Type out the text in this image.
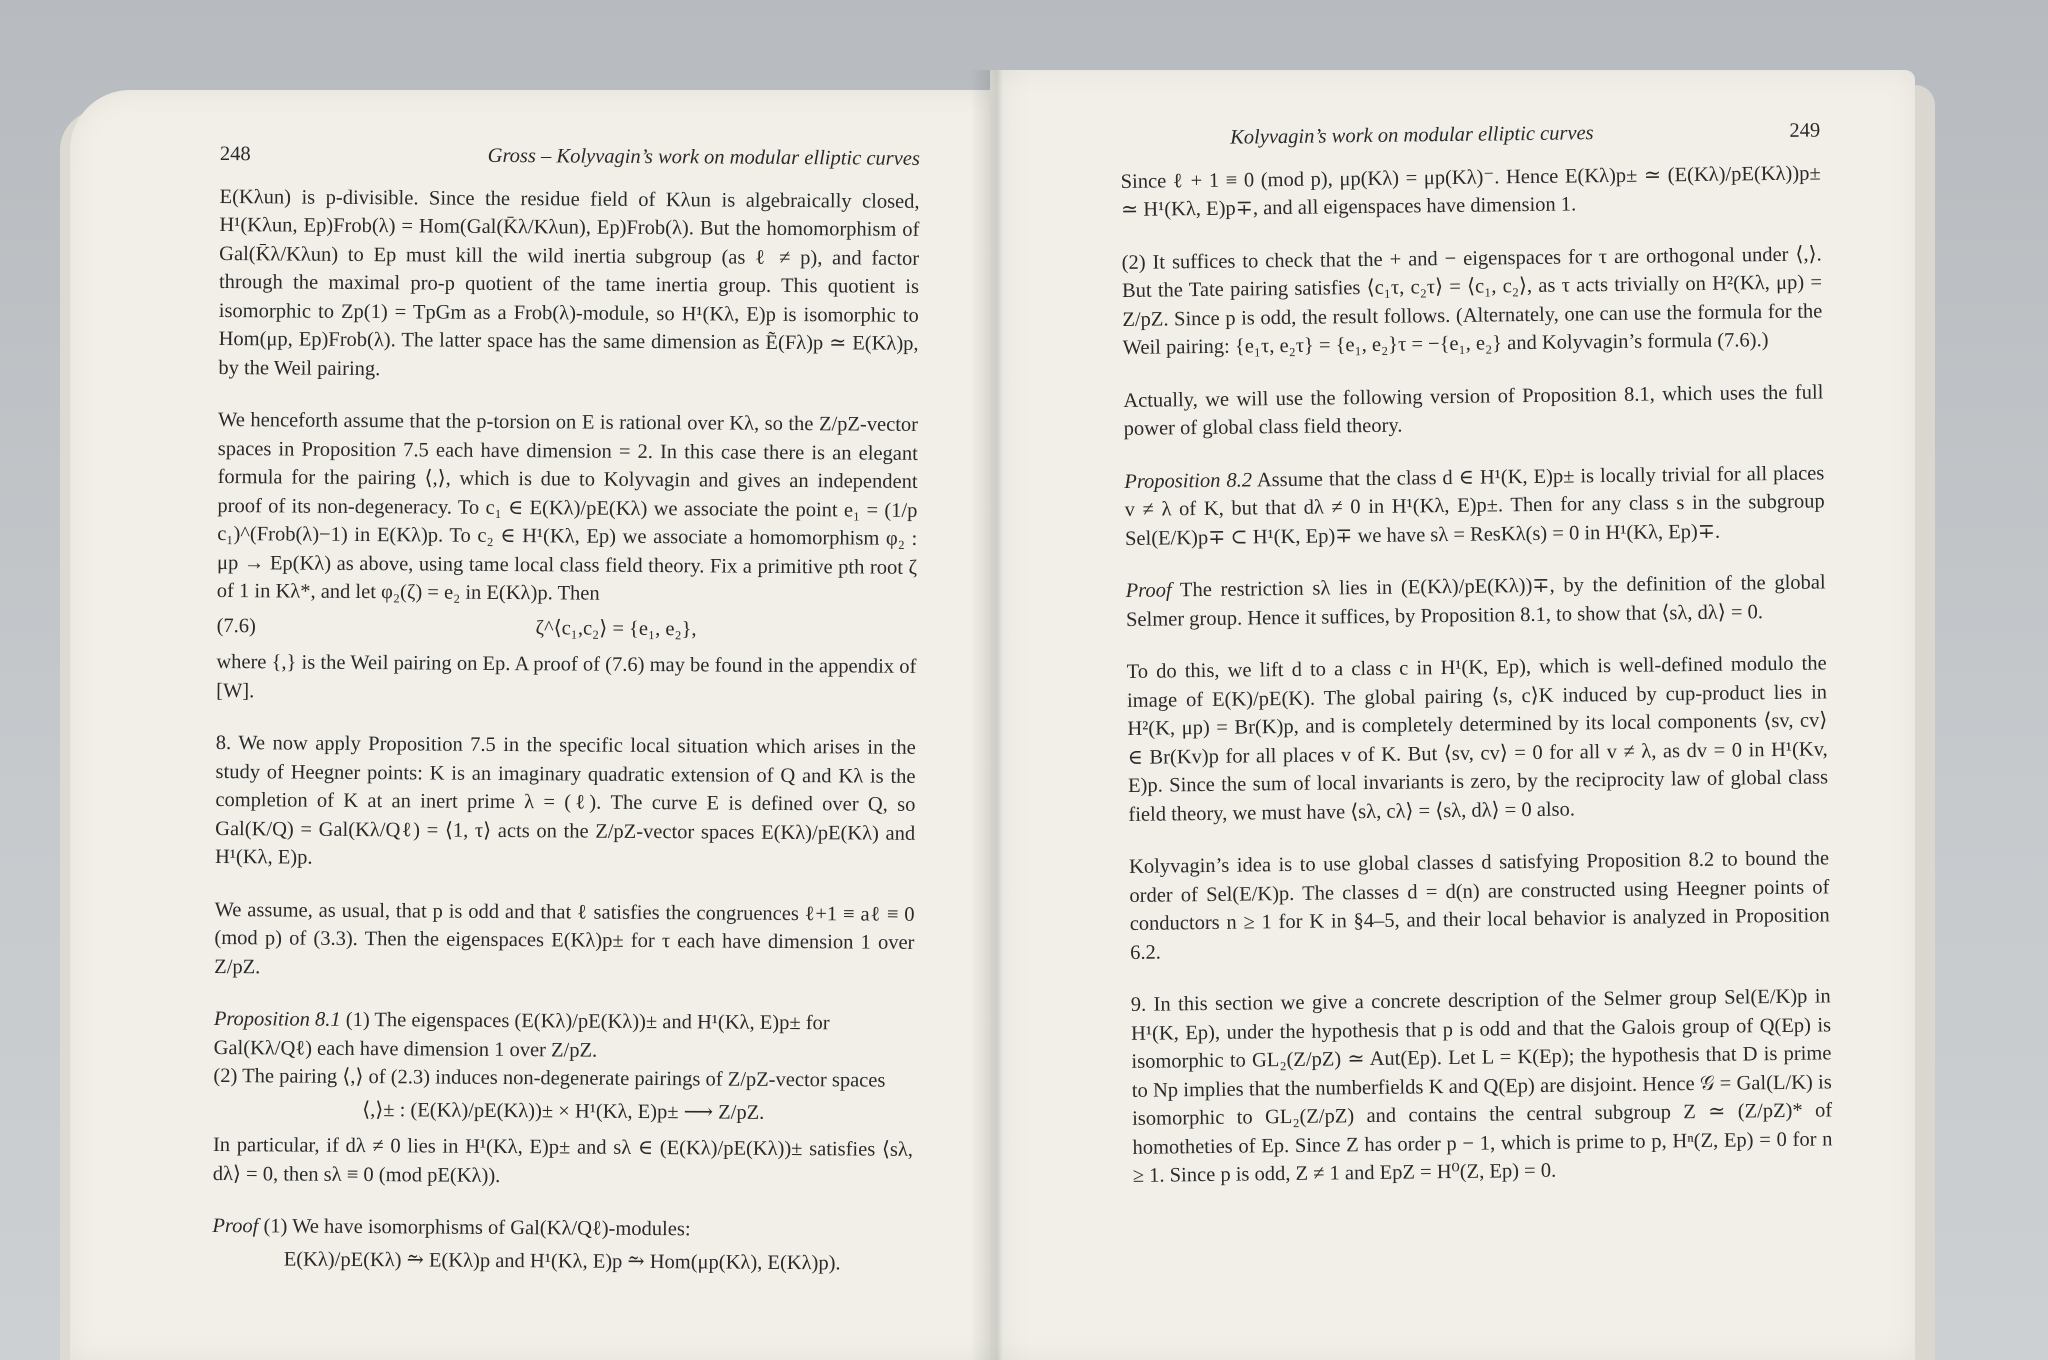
248	Gross – Kolyvagin’s work on modular elliptic curves

E(Kλun) is p-divisible. Since the residue field of Kλun is algebraically closed, H¹(Kλun, Ep)Frob(λ) = Hom(Gal(K̄λ/Kλun), Ep)Frob(λ). But the homomorphism of Gal(K̄λ/Kλun) to Ep must kill the wild inertia subgroup (as ℓ ≠ p), and factor through the maximal pro-p quotient of the tame inertia group. This quotient is isomorphic to Zp(1) = TpGm as a Frob(λ)-module, so H¹(Kλ, E)p is isomorphic to Hom(μp, Ep)Frob(λ). The latter space has the same dimension as Ẽ(Fλ)p ≃ E(Kλ)p, by the Weil pairing.

We henceforth assume that the p-torsion on E is rational over Kλ, so the Z/pZ-vector spaces in Proposition 7.5 each have dimension = 2. In this case there is an elegant formula for the pairing ⟨,⟩, which is due to Kolyvagin and gives an independent proof of its non-degeneracy. To c₁ ∈ E(Kλ)/pE(Kλ) we associate the point e₁ = (1/p c₁)^(Frob(λ)−1) in E(Kλ)p. To c₂ ∈ H¹(Kλ, Ep) we associate a homomorphism φ₂ : μp → Ep(Kλ) as above, using tame local class field theory. Fix a primitive pth root ζ of 1 in Kλ*, and let φ₂(ζ) = e₂ in E(Kλ)p. Then

(7.6)	ζ^⟨c₁,c₂⟩ = {e₁, e₂},

where {,} is the Weil pairing on Ep. A proof of (7.6) may be found in the appendix of [W].

8. We now apply Proposition 7.5 in the specific local situation which arises in the study of Heegner points: K is an imaginary quadratic extension of Q and Kλ is the completion of K at an inert prime λ = (ℓ). The curve E is defined over Q, so Gal(K/Q) = Gal(Kλ/Qℓ) = ⟨1, τ⟩ acts on the Z/pZ-vector spaces E(Kλ)/pE(Kλ) and H¹(Kλ, E)p.

We assume, as usual, that p is odd and that ℓ satisfies the congruences ℓ+1 ≡ aℓ ≡ 0 (mod p) of (3.3). Then the eigenspaces E(Kλ)p± for τ each have dimension 1 over Z/pZ.

Proposition 8.1 (1) The eigenspaces (E(Kλ)/pE(Kλ))± and H¹(Kλ, E)p± for Gal(Kλ/Qℓ) each have dimension 1 over Z/pZ.
(2) The pairing ⟨,⟩ of (2.3) induces non-degenerate pairings of Z/pZ-vector spaces
⟨,⟩± : (E(Kλ)/pE(Kλ))± × H¹(Kλ, E)p± ⟶ Z/pZ.

In particular, if dλ ≠ 0 lies in H¹(Kλ, E)p± and sλ ∈ (E(Kλ)/pE(Kλ))± satisfies ⟨sλ, dλ⟩ = 0, then sλ ≡ 0 (mod pE(Kλ)).

Proof (1) We have isomorphisms of Gal(Kλ/Qℓ)-modules:
E(Kλ)/pE(Kλ) ⥲ E(Kλ)p and H¹(Kλ, E)p ⥲ Hom(μp(Kλ), E(Kλ)p).
Kolyvagin’s work on modular elliptic curves	249

Since ℓ + 1 ≡ 0 (mod p), μp(Kλ) = μp(Kλ)⁻. Hence E(Kλ)p± ≃ (E(Kλ)/pE(Kλ))p± ≃ H¹(Kλ, E)p∓, and all eigenspaces have dimension 1.

(2) It suffices to check that the + and − eigenspaces for τ are orthogonal under ⟨,⟩. But the Tate pairing satisfies ⟨c₁τ, c₂τ⟩ = ⟨c₁, c₂⟩, as τ acts trivially on H²(Kλ, μp) = Z/pZ. Since p is odd, the result follows. (Alternately, one can use the formula for the Weil pairing: {e₁τ, e₂τ} = {e₁, e₂}τ = −{e₁, e₂} and Kolyvagin’s formula (7.6).)

Actually, we will use the following version of Proposition 8.1, which uses the full power of global class field theory.

Proposition 8.2 Assume that the class d ∈ H¹(K, E)p± is locally trivial for all places v ≠ λ of K, but that dλ ≠ 0 in H¹(Kλ, E)p±. Then for any class s in the subgroup Sel(E/K)p∓ ⊂ H¹(K, Ep)∓ we have sλ = ResKλ(s) = 0 in H¹(Kλ, Ep)∓.

Proof The restriction sλ lies in (E(Kλ)/pE(Kλ))∓, by the definition of the global Selmer group. Hence it suffices, by Proposition 8.1, to show that ⟨sλ, dλ⟩ = 0.

To do this, we lift d to a class c in H¹(K, Ep), which is well-defined modulo the image of E(K)/pE(K). The global pairing ⟨s, c⟩K induced by cup-product lies in H²(K, μp) = Br(K)p, and is completely determined by its local components ⟨sv, cv⟩ ∈ Br(Kv)p for all places v of K. But ⟨sv, cv⟩ = 0 for all v ≠ λ, as dv = 0 in H¹(Kv, E)p. Since the sum of local invariants is zero, by the reciprocity law of global class field theory, we must have ⟨sλ, cλ⟩ = ⟨sλ, dλ⟩ = 0 also.

Kolyvagin’s idea is to use global classes d satisfying Proposition 8.2 to bound the order of Sel(E/K)p. The classes d = d(n) are constructed using Heegner points of conductors n ≥ 1 for K in §4–5, and their local behavior is analyzed in Proposition 6.2.

9. In this section we give a concrete description of the Selmer group Sel(E/K)p in H¹(K, Ep), under the hypothesis that p is odd and that the Galois group of Q(Ep) is isomorphic to GL₂(Z/pZ) ≃ Aut(Ep). Let L = K(Ep); the hypothesis that D is prime to Np implies that the numberfields K and Q(Ep) are disjoint. Hence 𝒢 = Gal(L/K) is isomorphic to GL₂(Z/pZ) and contains the central subgroup Z ≃ (Z/pZ)* of homotheties of Ep. Since Z has order p − 1, which is prime to p, Hⁿ(Z, Ep) = 0 for n ≥ 1. Since p is odd, Z ≠ 1 and EpZ = H⁰(Z, Ep) = 0.
